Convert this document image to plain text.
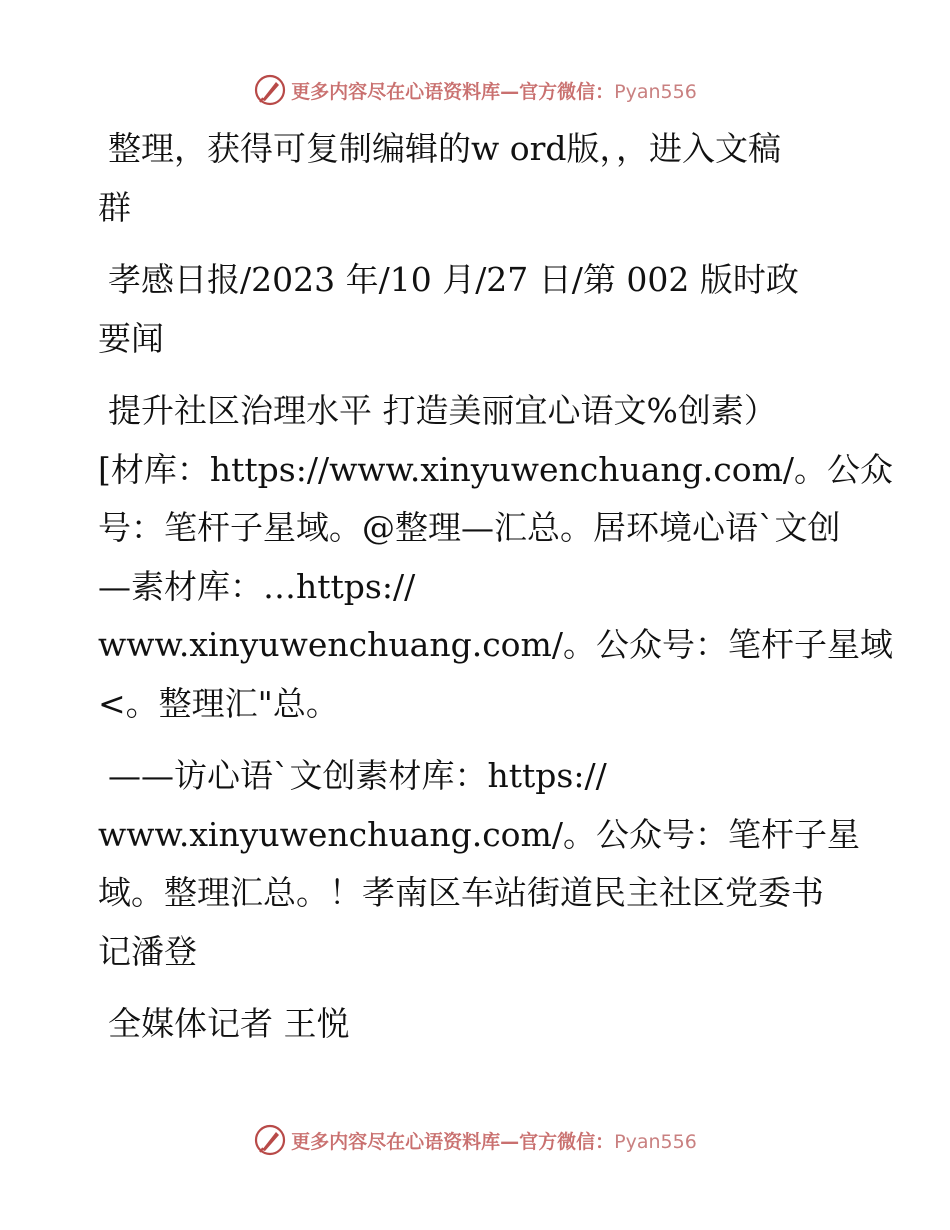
更多内容尽在心语资料库—官方微信：Pyan556
整理，获得可复制编辑的w ord版，，进入文稿
群
孝感日报/2023 年/10 月/27 日/第 002 版时政
要闻
提升社区治理水平 打造美丽宜心语文%创素）
[材库：https://www.xinyuwenchuang.com/。公众
号：笔杆子星域。@整理—汇总。居环境心语`文创
—素材库：…https://
www.xinyuwenchuang.com/。公众号：笔杆子星域
<。整理汇"总。
——访心语`文创素材库：https://
www.xinyuwenchuang.com/。公众号：笔杆子星
域。整理汇总。！孝南区车站街道民主社区党委书
记潘登
全媒体记者 王悦
更多内容尽在心语资料库—官方微信：Pyan556
